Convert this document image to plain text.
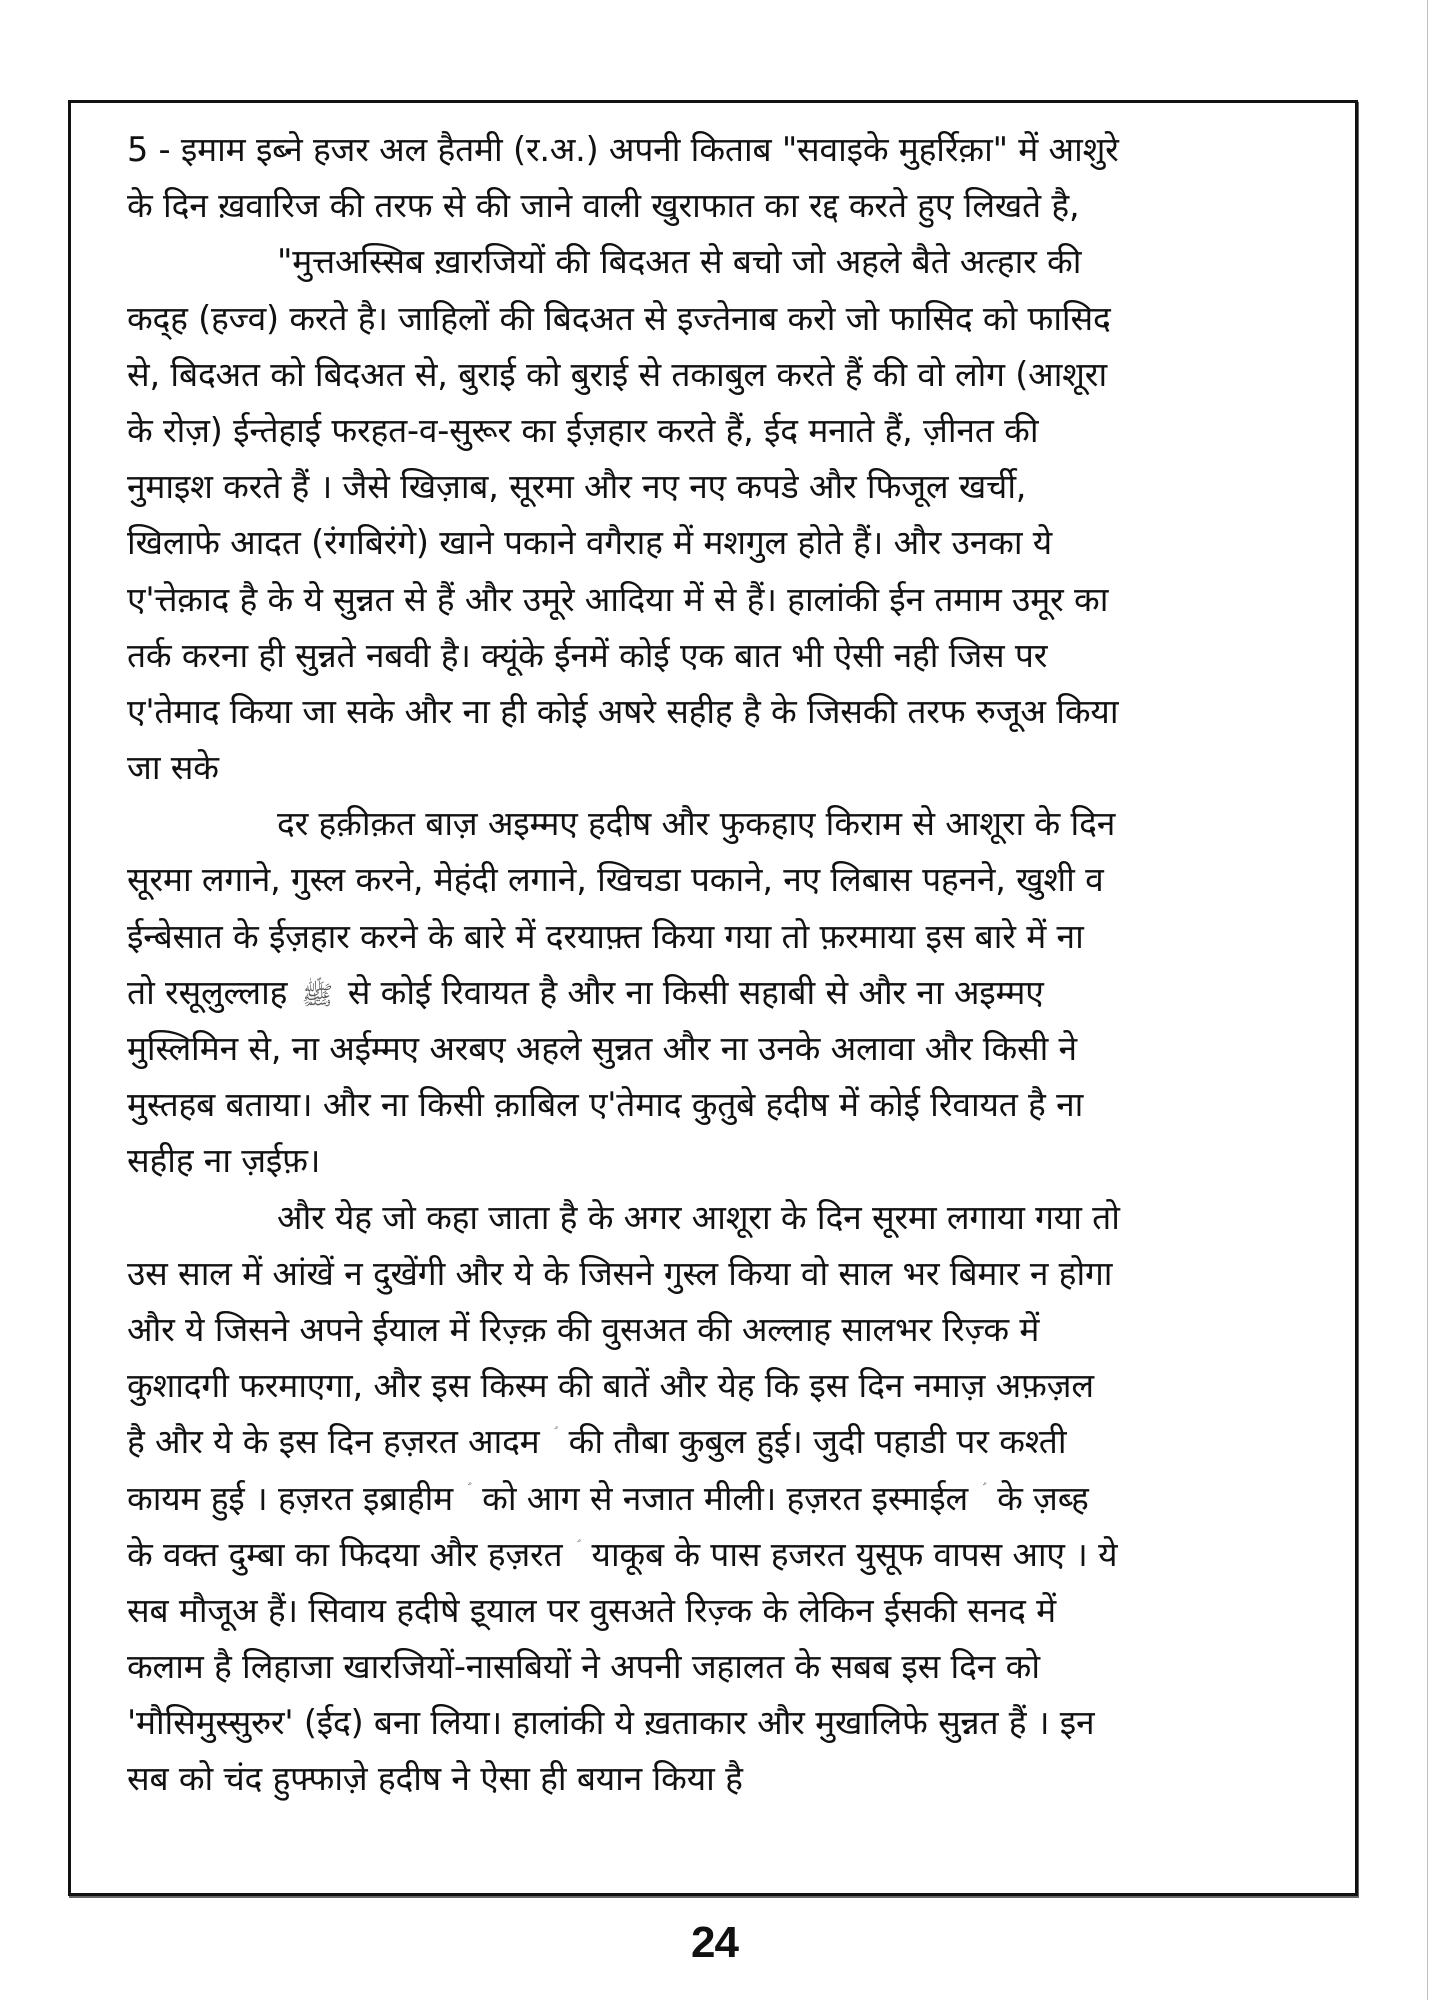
5 - इमाम इब्ने हजर अल हैतमी (र.अ.) अपनी किताब "सवाइके मुहर्रिक़ा" में आशुरे
के दिन ख़वारिज की तरफ से की जाने वाली खुराफात का रद्द करते हुए लिखते है,
"मुत्तअस्सिब ख़ारजियों की बिदअत से बचो जो अहले बैते अत्हार की
कद्‌ह (हज्व) करते है। जाहिलों की बिदअत से इज्तेनाब करो जो फासिद को फासिद
से, बिदअत को बिदअत से, बुराई को बुराई से तकाबुल करते हैं की वो लोग (आशूरा
के रोज़) ईन्तेहाई फरहत-व-सुरूर का ईज़हार करते हैं, ईद मनाते हैं, ज़ीनत की
नुमाइश करते हैं । जैसे खिज़ाब, सूरमा और नए नए कपडे और फिजूल खर्ची,
खिलाफे आदत (रंगबिरंगे) खाने पकाने वगैराह में मशगुल होते हैं। और उनका ये
ए'त्तेक़ाद है के ये सुन्नत से हैं और उमूरे आदिया में से हैं। हालांकी ईन तमाम उमूर का
तर्क करना ही सुन्नते नबवी है। क्यूंके ईनमें कोई एक बात भी ऐसी नही जिस पर
ए'तेमाद किया जा सके और ना ही कोई अषरे सहीह है के जिसकी तरफ रुजूअ किया
जा सके
दर हक़ीक़त बाज़ अइम्मए हदीष और फुकहाए किराम से आशूरा के दिन
सूरमा लगाने, गुस्ल करने, मेहंदी लगाने, खिचडा पकाने, नए लिबास पहनने, खुशी व
ईन्बेसात के ईज़हार करने के बारे में दरयाफ़्त किया गया तो फ़रमाया इस बारे में ना
तो रसूलुल्लाह ﷺ से कोई रिवायत है और ना किसी सहाबी से और ना अइम्मए
मुस्लिमिन से, ना अईम्मए अरबए अहले सुन्नत और ना उनके अलावा और किसी ने
मुस्तहब बताया। और ना किसी क़ाबिल ए'तेमाद कुतुबे हदीष में कोई रिवायत है ना
सहीह ना ज़ईफ़।
और येह जो कहा जाता है के अगर आशूरा के दिन सूरमा लगाया गया तो
उस साल में आंखें न दुखेंगी और ये के जिसने गुस्ल किया वो साल भर बिमार न होगा
और ये जिसने अपने ईयाल में रिज़्क़ की वुसअत की अल्लाह सालभर रिज़्क में
कुशादगी फरमाएगा, और इस किस्म की बातें और येह कि इस दिन नमाज़ अफ़ज़ल
है और ये के इस दिन हज़रत आदम की तौबा कुबुल हुई। जुदी पहाडी पर कश्ती
कायम हुई । हज़रत इब्राहीम को आग से नजात मीली। हज़रत इस्माईल के ज़ब्ह
के वक्त दुम्बा का फिदया और हज़रत याकूब के पास हजरत युसूफ वापस आए । ये
सब मौजूअ हैं। सिवाय हदीषे इ्याल पर वुसअते रिज़्क के लेकिन ईसकी सनद में
कलाम है लिहाजा खारजियों-नासबियों ने अपनी जहालत के सबब इस दिन को
'मौसिमुस्सुरुर' (ईद) बना लिया। हालांकी ये ख़ताकार और मुखालिफे सुन्नत हैं । इन
सब को चंद हुफ्फाज़े हदीष ने ऐसा ही बयान किया है
24
